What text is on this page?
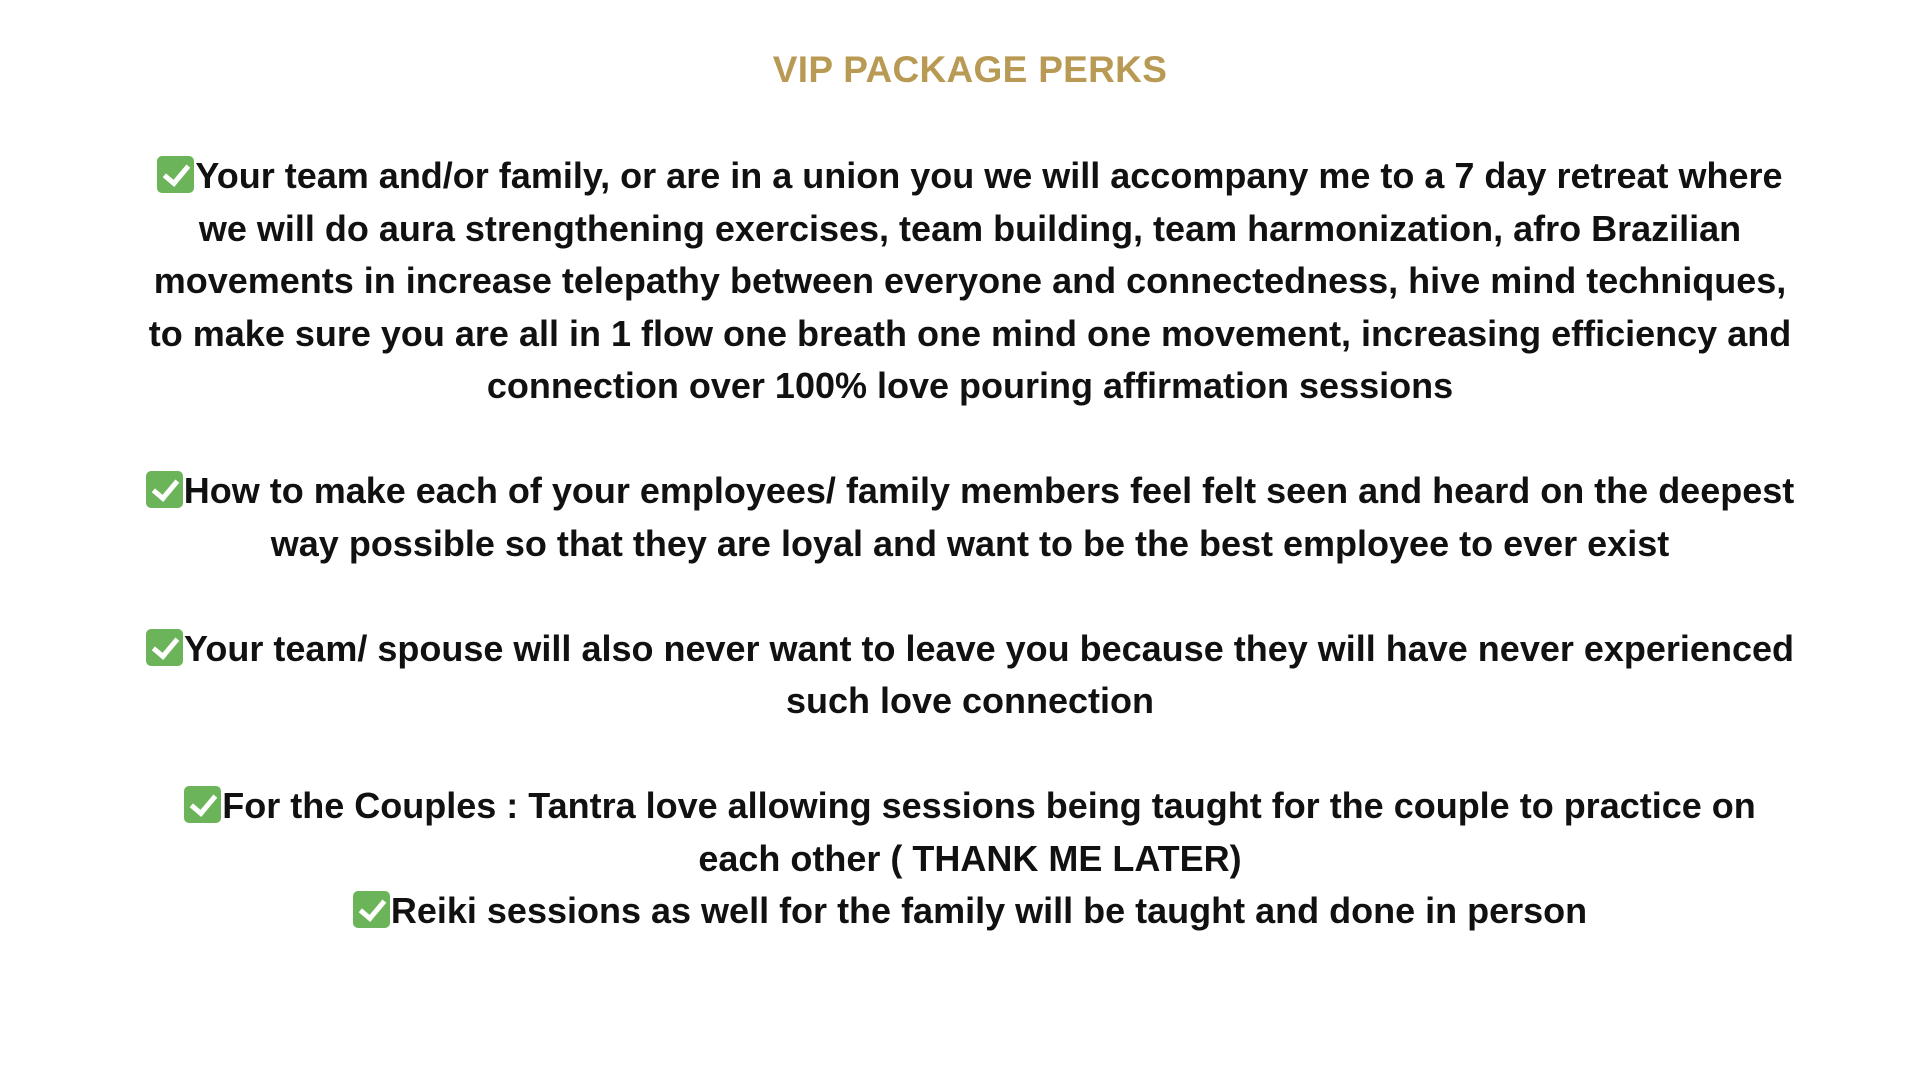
VIP PACKAGE PERKS

Your team and/or family, or are in a union you we will accompany me to a 7 day retreat where we will do aura strengthening exercises, team building, team harmonization, afro Brazilian movements in increase telepathy between everyone and connectedness, hive mind techniques, to make sure you are all in 1 flow one breath one mind one movement, increasing efficiency and connection over 100% love pouring affirmation sessions

How to make each of your employees/ family members feel felt seen and heard on the deepest way possible so that they are loyal and want to be the best employee to ever exist

Your team/ spouse will also never want to leave you because they will have never experienced such love connection

For the Couples : Tantra love allowing sessions being taught for the couple to practice on each other ( THANK ME LATER)

Reiki sessions as well for the family will be taught and done in person
